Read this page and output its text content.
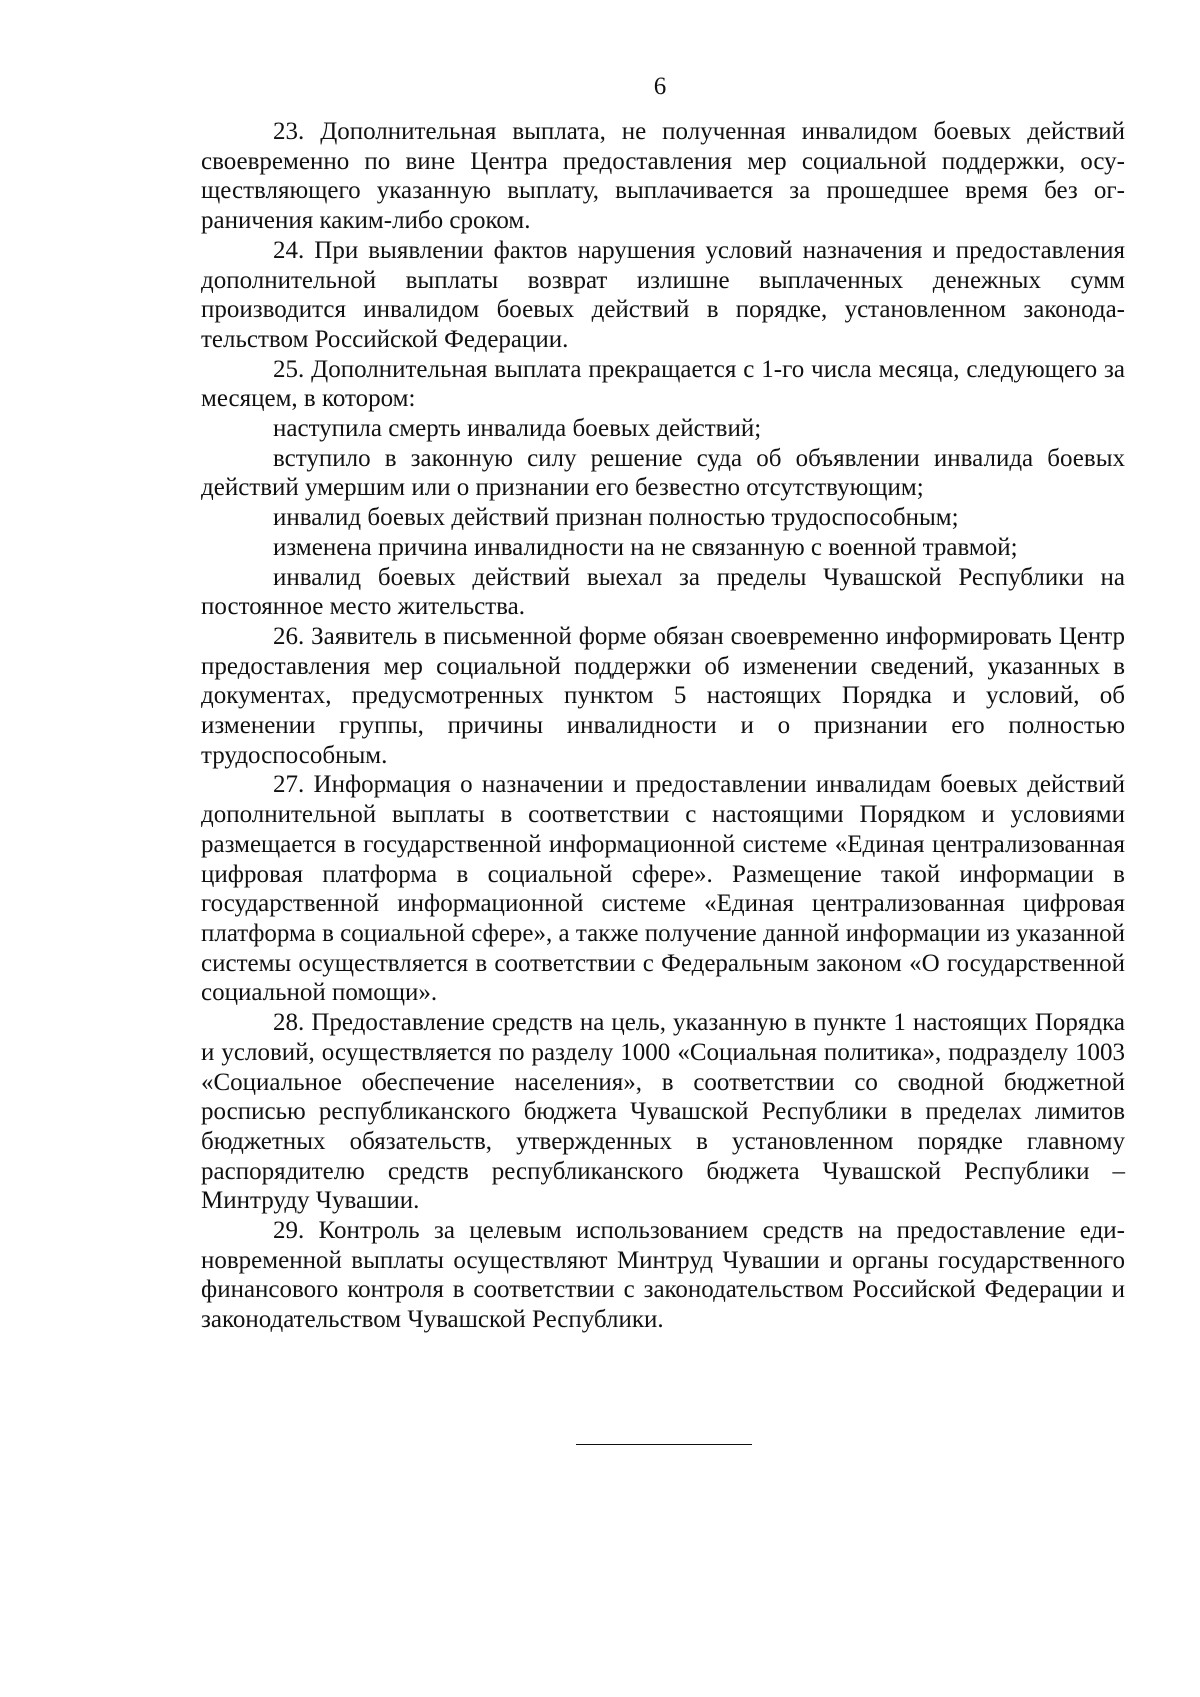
6

23. Дополнительная выплата, не полученная инвалидом боевых действий своевременно по вине Центра предоставления мер социальной поддержки, осуществляющего указанную выплату, выплачивается за прошедшее время без ограничения каким-либо сроком.

24. При выявлении фактов нарушения условий назначения и предоставления дополнительной выплаты возврат излишне выплаченных денежных сумм производится инвалидом боевых действий в порядке, установленном законодательством Российской Федерации.

25. Дополнительная выплата прекращается с 1-го числа месяца, следующего за месяцем, в котором:

наступила смерть инвалида боевых действий;

вступило в законную силу решение суда об объявлении инвалида боевых действий умершим или о признании его безвестно отсутствующим;

инвалид боевых действий признан полностью трудоспособным;

изменена причина инвалидности на не связанную с военной травмой;

инвалид боевых действий выехал за пределы Чувашской Республики на постоянное место жительства.

26. Заявитель в письменной форме обязан своевременно информировать Центр предоставления мер социальной поддержки об изменении сведений, указанных в документах, предусмотренных пунктом 5 настоящих Порядка и условий, об изменении группы, причины инвалидности и о признании его полностью трудоспособным.

27. Информация о назначении и предоставлении инвалидам боевых действий дополнительной выплаты в соответствии с настоящими Порядком и условиями размещается в государственной информационной системе «Единая централизованная цифровая платформа в социальной сфере». Размещение такой информации в государственной информационной системе «Единая централизованная цифровая платформа в социальной сфере», а также получение данной информации из указанной системы осуществляется в соответствии с Федеральным законом «О государственной социальной помощи».

28. Предоставление средств на цель, указанную в пункте 1 настоящих Порядка и условий, осуществляется по разделу 1000 «Социальная политика», подразделу 1003 «Социальное обеспечение населения», в соответствии со сводной бюджетной росписью республиканского бюджета Чувашской Республики в пределах лимитов бюджетных обязательств, утвержденных в установленном порядке главному распорядителю средств республиканского бюджета Чувашской Республики – Минтруду Чувашии.

29. Контроль за целевым использованием средств на предоставление единовременной выплаты осуществляют Минтруд Чувашии и органы государственного финансового контроля в соответствии с законодательством Российской Федерации и законодательством Чувашской Республики.
